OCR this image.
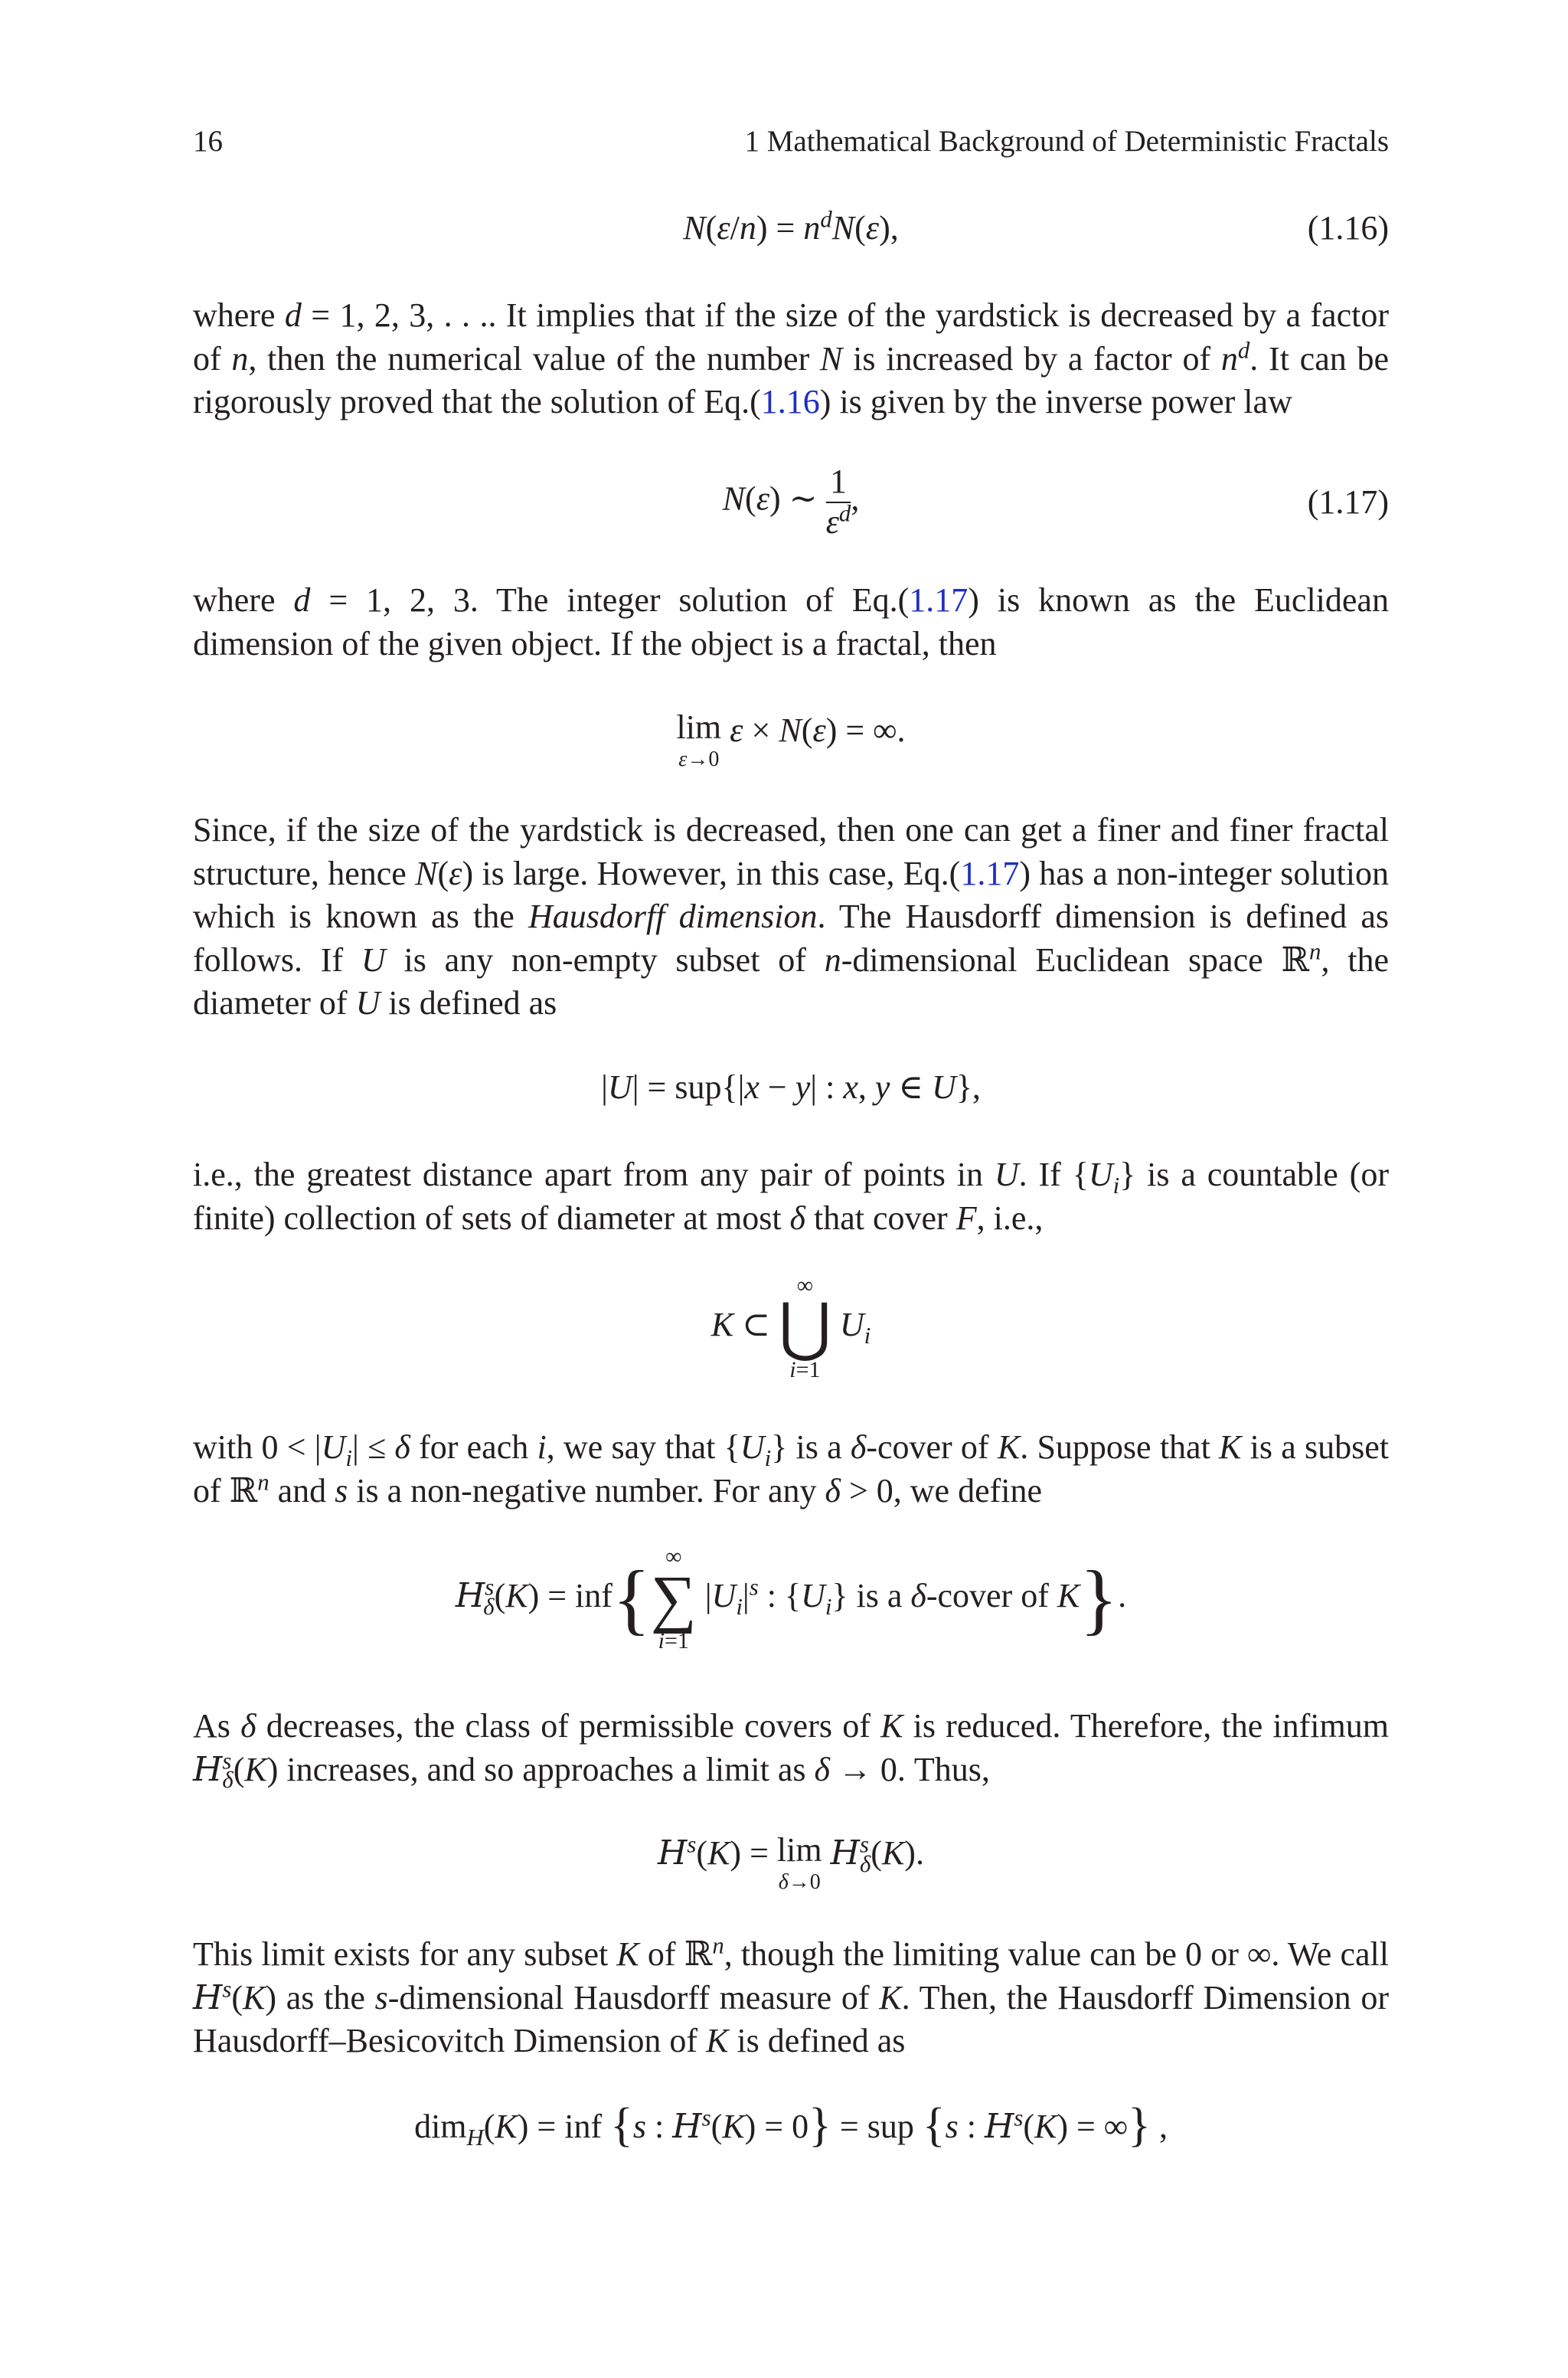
16	1 Mathematical Background of Deterministic Fractals
$N(\varepsilon/n) = n^dN(\varepsilon)$,	(1.16)
where d = 1, 2, 3, . . .. It implies that if the size of the yardstick is decreased by a factor of n, then the numerical value of the number N is increased by a factor of $n^d$. It can be rigorously proved that the solution of Eq.(1.16) is given by the inverse power law
N(ε) ∼ $\frac{1}{\varepsilon^d}$ ,	(1.17)
where d = 1, 2, 3. The integer solution of Eq.(1.17) is known as the Euclidean dimension of the given object. If the object is a fractal, then
lim
ε→0
ε × N(ε) = ∞.
Since, if the size of the yardstick is decreased, then one can get a finer and finer fractal structure, hence N(ε) is large. However, in this case, Eq.(1.17) has a non-integer solution which is known as the Hausdorff dimension. The Hausdorff dimension is defined as follows. If U is any non-empty subset of n-dimensional Euclidean space ℝ$^n$, the diameter of U is defined as
|U| = sup{|x − y| : x, y ∈ U},
i.e., the greatest distance apart from any pair of points in U. If $\{U_i\}$ is a countable (or finite) collection of sets of diameter at most δ that cover F, i.e.,
K ⊂
∞
⋃
i=1
$U_i$
with $0 < |U_i| \le \delta$ for each i, we say that $\{U_i\}$ is a δ-cover of K. Suppose that K is a subset of ℝ$^n$ and s is a non-negative number. For any δ > 0, we define
$H^s_\delta(K) = inf${ ∞
∑
i=1
$|U_i|^s$ : $\{U_i\}$ is a δ-cover of K}.
As δ decreases, the class of permissible covers of K is reduced. Therefore, the infimum $H^s_\delta(K)$ increases, and so approaches a limit as δ → 0. Thus,
$H^s(K) = \lim$
δ→0
$H^s_\delta(K)$.
This limit exists for any subset K of ℝ$^n$, though the limiting value can be 0 or ∞. We call $H^s(K)$ as the s-dimensional Hausdorff measure of K. Then, the Hausdorff Dimension or Hausdorff–Besicovitch Dimension of K is defined as
dim$_H$(K) = inf {s : $H^s(K) = 0$} = sup {s : $H^s(K)$ = ∞} ,
